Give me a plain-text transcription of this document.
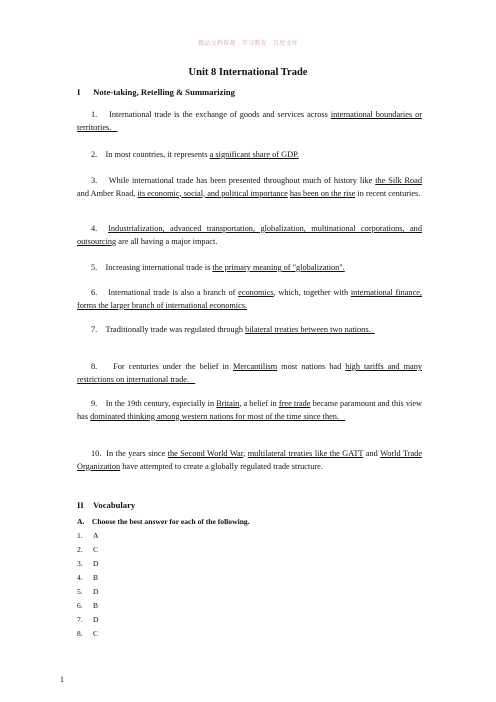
精品文档资源 · 学习教育 · 百度文库
Unit 8 International Trade
I Note-taking, Retelling & Summarizing
1.    International trade is the exchange of goods and services across international boundaries or territories.
2.    In most countries, it represents a significant share of GDP.
3.    While international trade has been presented throughout much of history like the Silk Road and Amber Road, its economic, social, and political importance has been on the rise in recent centuries.
4.  Industrialization, advanced transportation, globalization, multinational corporations, and outsourcing are all having a major impact.
5.    Increasing international trade is the primary meaning of "globalization".
6.    International trade is also a branch of economics, which, together with international finance, forms the larger branch of international economics.
7.    Traditionally trade was regulated through bilateral treaties between two nations.
8.    For centuries under the belief in Mercantilism most nations had high tariffs and many restrictions on international trade.
9.    In the 19th century, especially in Britain, a belief in free trade became paramount and this view has dominated thinking among western nations for most of the time since then.
10.  In the years since the Second World War, multilateral treaties like the GATT and World Trade Organization have attempted to create a globally regulated trade structure.
II Vocabulary
A. Choose the best answer for each of the following.
1. A
2. C
3. D
4. B
5. D
6. B
7. D
8. C
1
